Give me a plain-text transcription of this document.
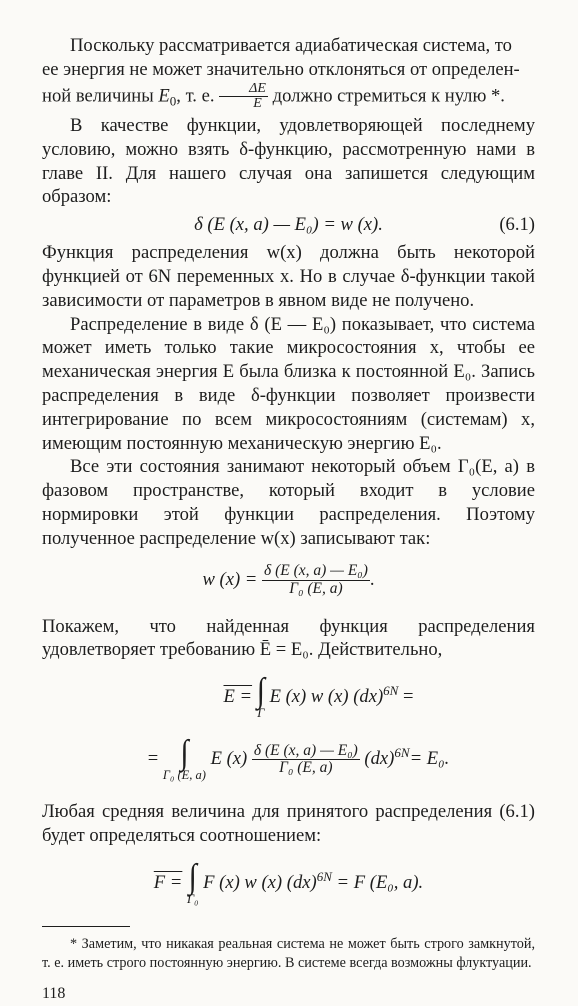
Поскольку рассматривается адиабатическая система, то
ее энергия не может значительно отклоняться от определен-
ной величины $E_0$, т. е. $\frac{\Delta E}{E}$ должно стремиться к нулю *.

В качестве функции, удовлетворяющей последнему условию, можно взять δ-функцию, рассмотренную нами в главе II. Для нашего случая она запишется следующим образом:

δ (E (x, a) — E₀) = w (x).	(6.1)

Функция распределения w(x) должна быть некоторой функцией от 6N переменных x. Но в случае δ-функции такой зависимости от параметров в явном виде не получено.

Распределение в виде δ (E — E₀) показывает, что система может иметь только такие микросостояния x, чтобы ее механическая энергия E была близка к постоянной E₀. Запись распределения в виде δ-функции позволяет произвести интегрирование по всем микросостояниям (системам) x, имеющим постоянную механическую энергию E₀.

Все эти состояния занимают некоторый объем Γ₀(E, a) в фазовом пространстве, который входит в условие нормировки этой функции распределения. Поэтому полученное распределение w(x) записывают так:

w $(x) = \frac{\text{δ (E (x, a) — E₀)}}{\text{Γ₀ (E, a)}}$ .

Покажем, что найденная функция распределения удовлетворяет требованию Ē = E₀. Действительно,

E = ∫
Γ
E (x) w (x) (dx)$^{6N}$ =
= ∫
Γ₀ (E, a)
E $(x) \frac{\text{δ (E (x, a) — E₀)}}{\text{Γ₀ (E, a)}} (dx)^{6N}= E_0$.

Любая средняя величина для принятого распределения (6.1) будет определяться соотношением:

F = ∫
Γ₀
F (x) w (x) (dx)$^{6N}$ = F (E₀, a).

* Заметим, что никакая реальная система не может быть строго замкнутой, т. е. иметь строго постоянную энергию. В системе всегда возможны флуктуации.

118
